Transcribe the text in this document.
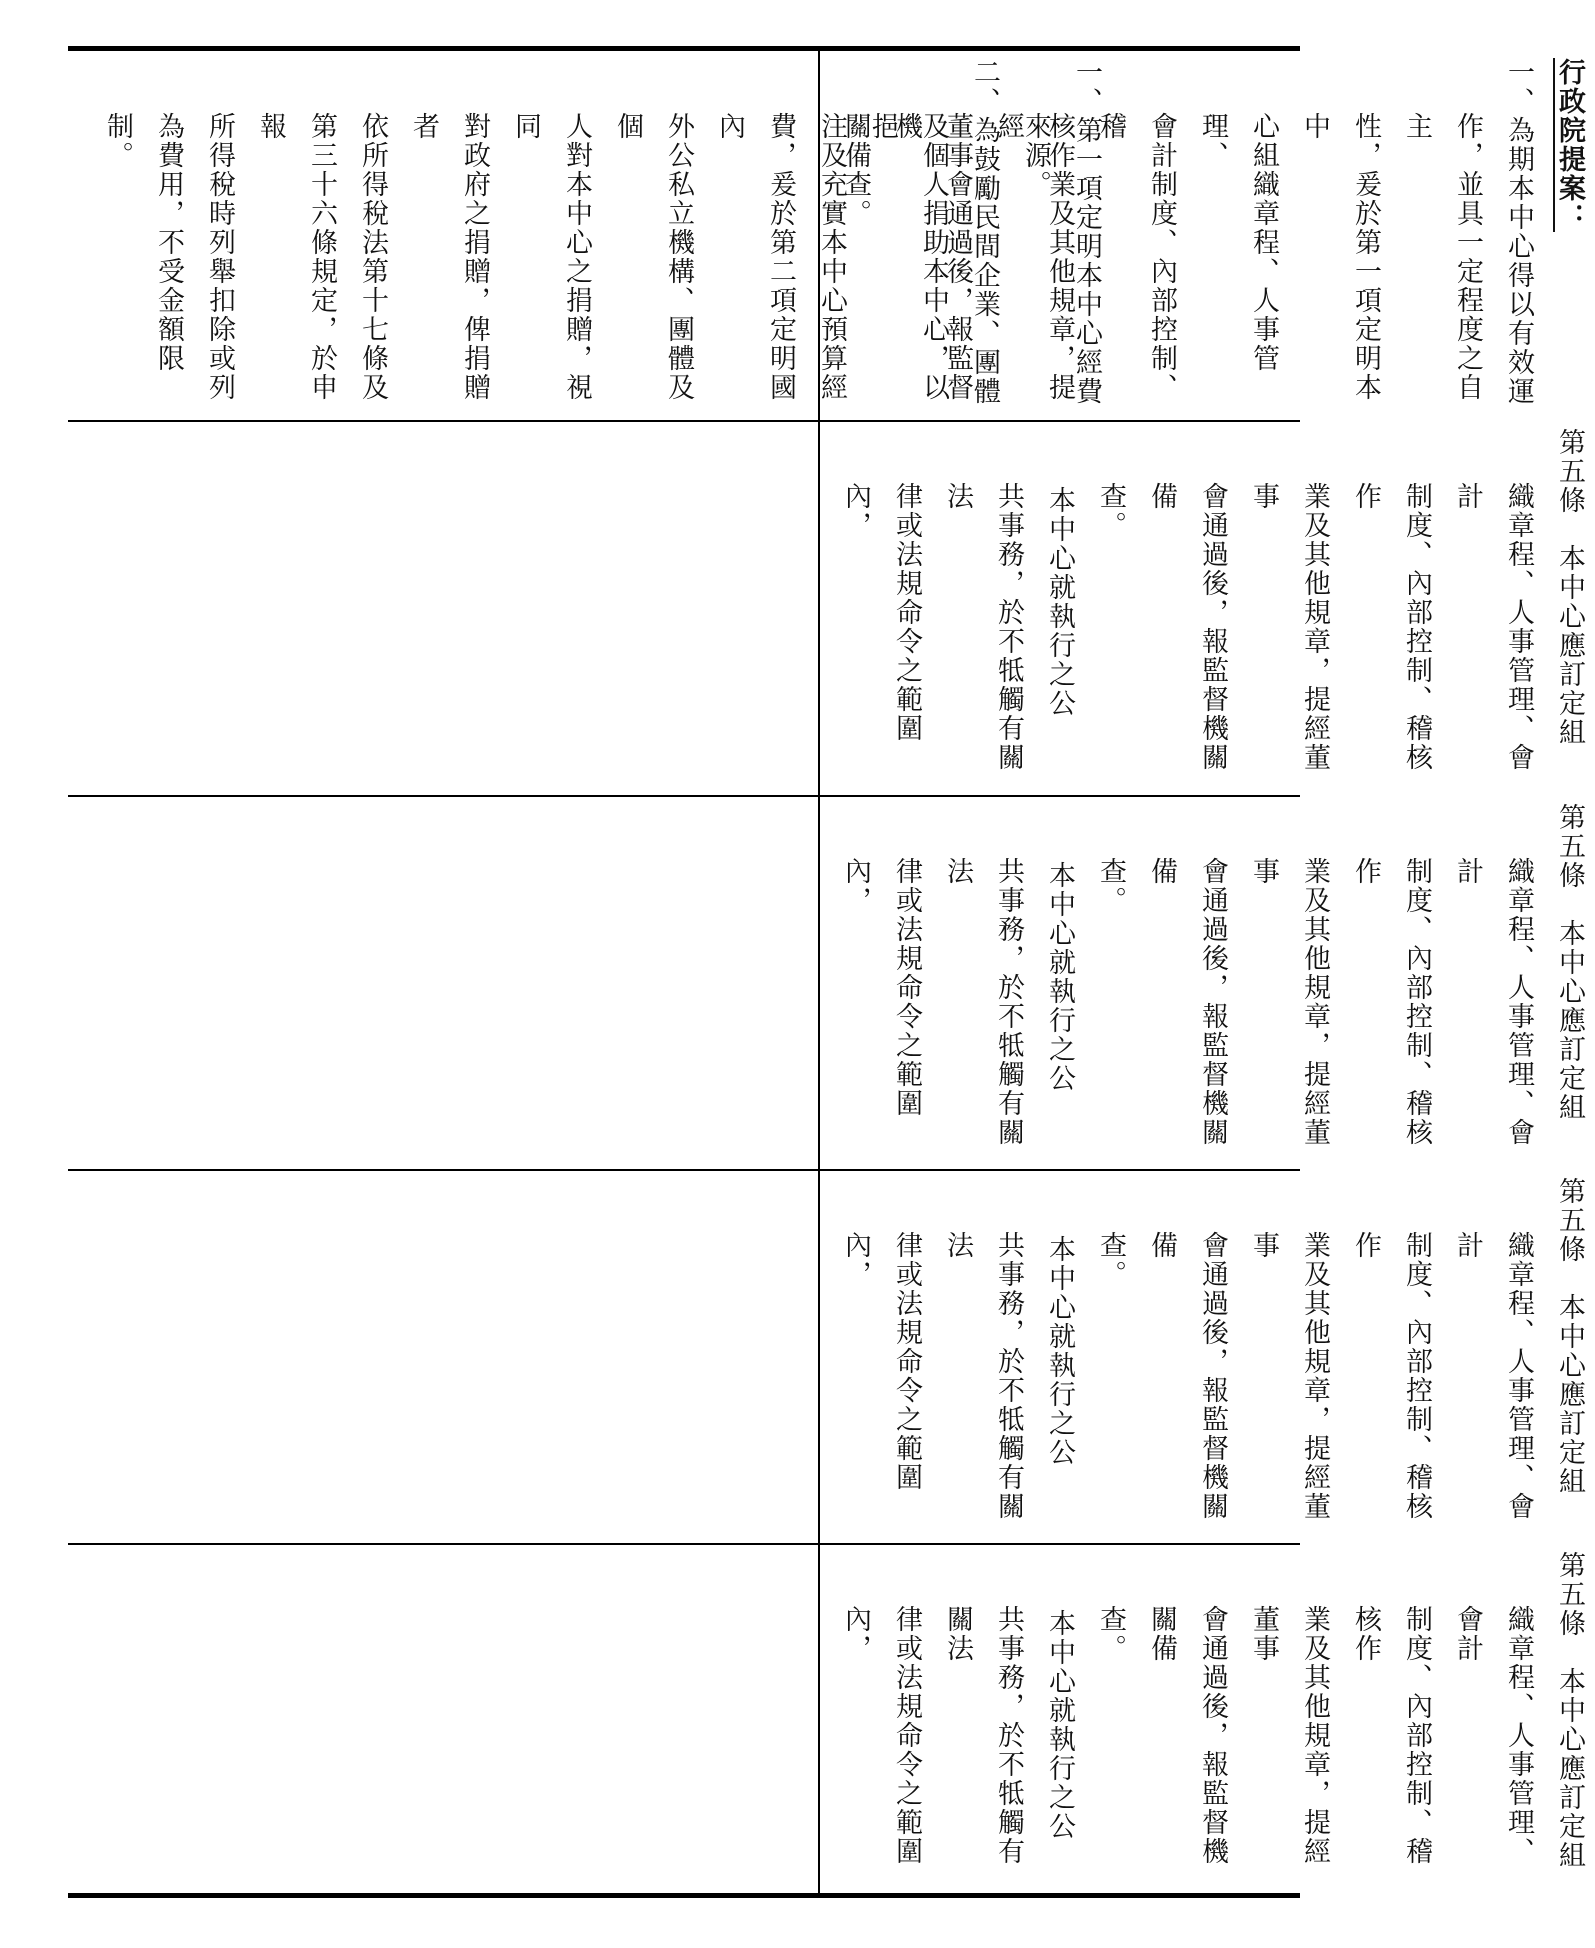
一、第一項定明本中心經費
來源。
二、為鼓勵民間企業、團體
及個人捐助本中心，以挹
注及充實本中心預算經
費，爰於第二項定明國內
外公私立機構、團體及個
人對本中心之捐贈，視同
對政府之捐贈，俾捐贈者
依所得稅法第十七條及
第三十六條規定，於申報
所得稅時列舉扣除或列
為費用，不受金額限制。	行政院提案：
一、為期本中心得以有效運
作，並具一定程度之自主
性，爰於第一項定明本中
心組織章程、人事管理、
會計制度、內部控制、稽
核作業及其他規章，提經
董事會通過後，報監督機
關備查。
第五條　本中心應訂定組
織章程、人事管理、會計
制度、內部控制、稽核作
業及其他規章，提經董事
會通過後，報監督機關備
查。
　　本中心就執行之公
共事務，於不牴觸有關法
律或法規命令之範圍內，
第五條　本中心應訂定組
織章程、人事管理、會計
制度、內部控制、稽核作
業及其他規章，提經董事
會通過後，報監督機關備
查。
　　本中心就執行之公
共事務，於不牴觸有關法
律或法規命令之範圍內，
第五條　本中心應訂定組
織章程、人事管理、會計
制度、內部控制、稽核作
業及其他規章，提經董事
會通過後，報監督機關備
查。
　　本中心就執行之公
共事務，於不牴觸有關法
律或法規命令之範圍內，
第五條　本中心應訂定組
織章程、人事管理、會計
制度、內部控制、稽核作
業及其他規章，提經董事
會通過後，報監督機關備
查。
　　本中心就執行之公
共事務，於不牴觸有關法
律或法規命令之範圍內，
